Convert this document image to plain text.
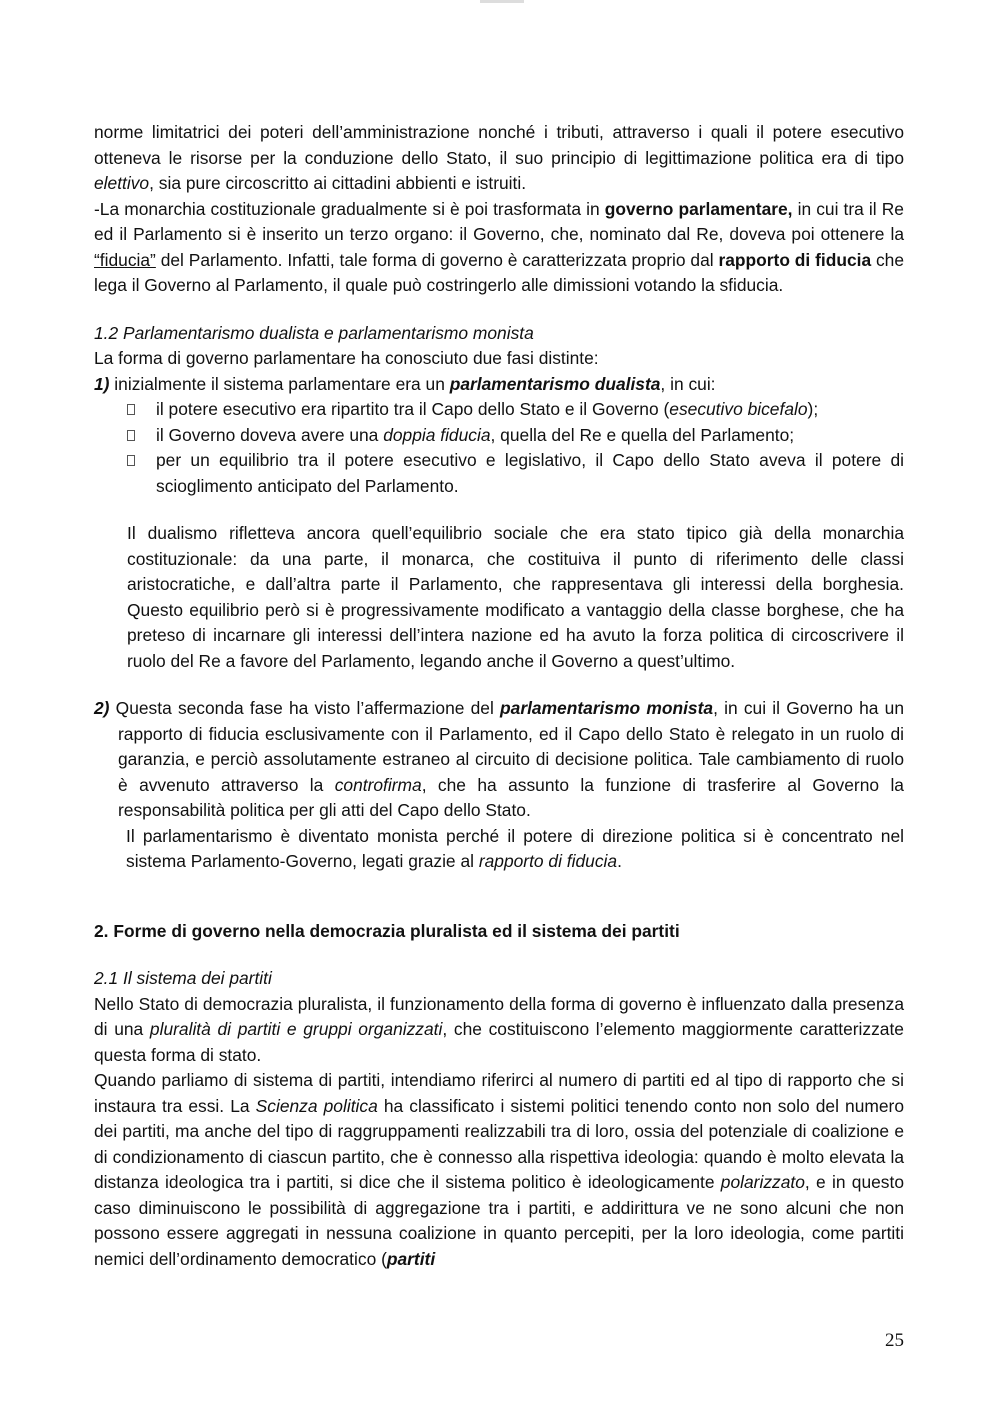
norme limitatrici dei poteri dell’amministrazione nonché i tributi, attraverso i quali il potere esecutivo otteneva le risorse per la conduzione dello Stato, il suo principio di legittimazione politica era di tipo elettivo, sia pure circoscritto ai cittadini abbienti e istruiti.

-La monarchia costituzionale gradualmente si è poi trasformata in governo parlamentare, in cui tra il Re ed il Parlamento si è inserito un terzo organo: il Governo, che, nominato dal Re, doveva poi ottenere la “fiducia” del Parlamento. Infatti, tale forma di governo è caratterizzata proprio dal rapporto di fiducia che lega il Governo al Parlamento, il quale può costringerlo alle dimissioni votando la sfiducia.

1.2 Parlamentarismo dualista e parlamentarismo monista

La forma di governo parlamentare ha conosciuto due fasi distinte:

1) inizialmente il sistema parlamentare era un parlamentarismo dualista, in cui:

il potere esecutivo era ripartito tra il Capo dello Stato e il Governo (esecutivo bicefalo);
il Governo doveva avere una doppia fiducia, quella del Re e quella del Parlamento;
per un equilibrio tra il potere esecutivo e legislativo, il Capo dello Stato aveva il potere di scioglimento anticipato del Parlamento.

Il dualismo rifletteva ancora quell’equilibrio sociale che era stato tipico già della monarchia costituzionale: da una parte, il monarca, che costituiva il punto di riferimento delle classi aristocratiche, e dall’altra parte il Parlamento, che rappresentava gli interessi della borghesia. Questo equilibrio però si è progressivamente modificato a vantaggio della classe borghese, che ha preteso di incarnare gli interessi dell’intera nazione ed ha avuto la forza politica di circoscrivere il ruolo del Re a favore del Parlamento, legando anche il Governo a quest’ultimo.

2) Questa seconda fase ha visto l’affermazione del parlamentarismo monista, in cui il Governo ha un rapporto di fiducia esclusivamente con il Parlamento, ed il Capo dello Stato è relegato in un ruolo di garanzia, e perciò assolutamente estraneo al circuito di decisione politica. Tale cambiamento di ruolo è avvenuto attraverso la controfirma, che ha assunto la funzione di trasferire al Governo la responsabilità politica per gli atti del Capo dello Stato.

Il parlamentarismo è diventato monista perché il potere di direzione politica si è concentrato nel sistema Parlamento-Governo, legati grazie al rapporto di fiducia.

2. Forme di governo nella democrazia pluralista ed il sistema dei partiti

2.1 Il sistema dei partiti

Nello Stato di democrazia pluralista, il funzionamento della forma di governo è influenzato dalla presenza di una pluralità di partiti e gruppi organizzati, che costituiscono l’elemento maggiormente caratterizzate questa forma di stato.

Quando parliamo di sistema di partiti, intendiamo riferirci al numero di partiti ed al tipo di rapporto che si instaura tra essi. La Scienza politica ha classificato i sistemi politici tenendo conto non solo del numero dei partiti, ma anche del tipo di raggruppamenti realizzabili tra di loro, ossia del potenziale di coalizione e di condizionamento di ciascun partito, che è connesso alla rispettiva ideologia: quando è molto elevata la distanza ideologica tra i partiti, si dice che il sistema politico è ideologicamente polarizzato, e in questo caso diminuiscono le possibilità di aggregazione tra i partiti, e addirittura ve ne sono alcuni che non possono essere aggregati in nessuna coalizione in quanto percepiti, per la loro ideologia, come partiti nemici dell’ordinamento democratico (partiti

25
